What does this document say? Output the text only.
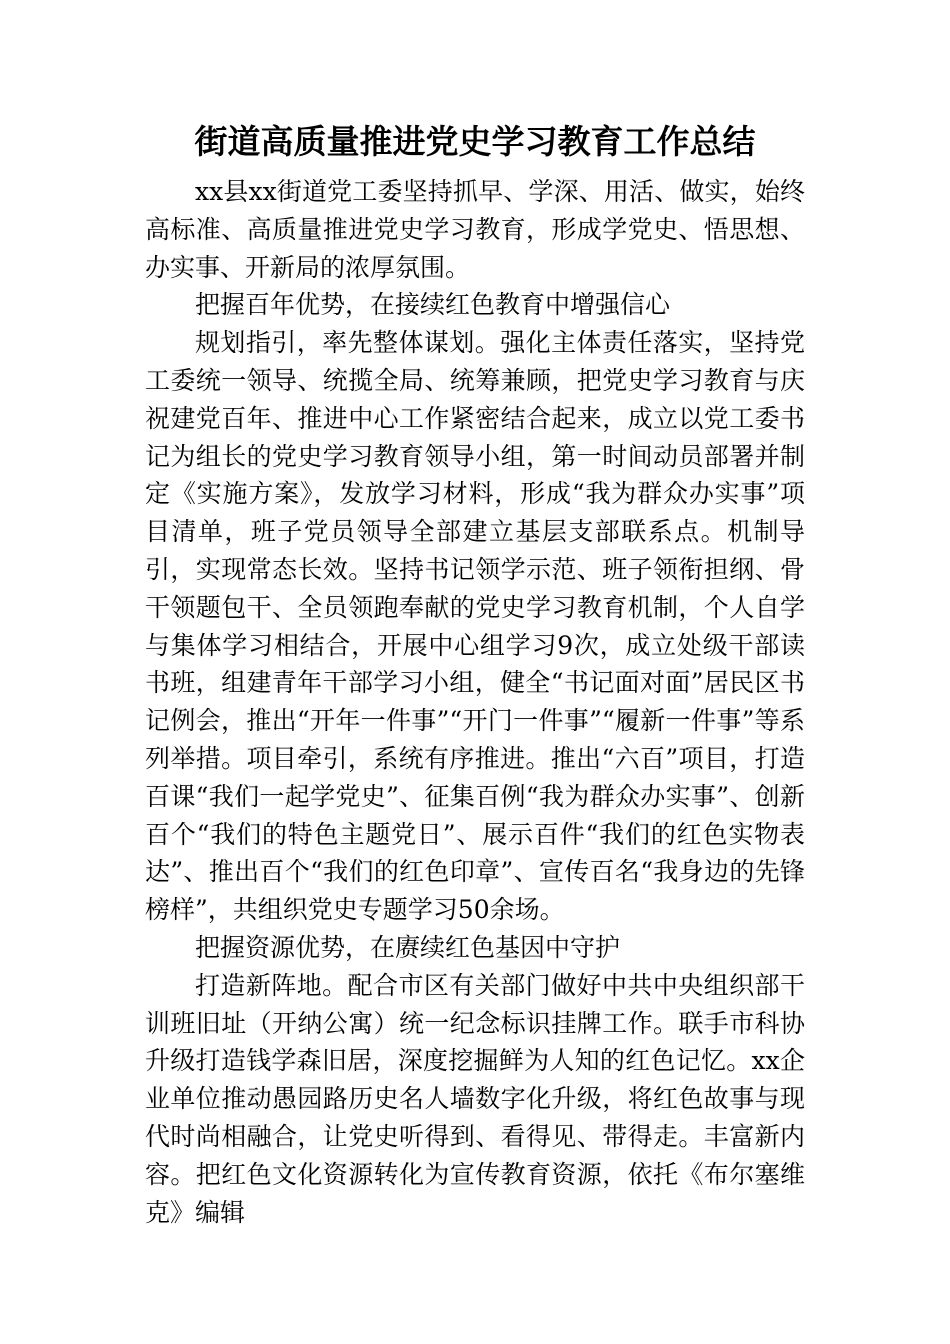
街道高质量推进党史学习教育工作总结

xx县xx街道党工委坚持抓早、学深、用活、做实，始终高标准、高质量推进党史学习教育，形成学党史、悟思想、办实事、开新局的浓厚氛围。

把握百年优势，在接续红色教育中增强信心

规划指引，率先整体谋划。强化主体责任落实，坚持党工委统一领导、统揽全局、统筹兼顾，把党史学习教育与庆祝建党百年、推进中心工作紧密结合起来，成立以党工委书记为组长的党史学习教育领导小组，第一时间动员部署并制定《实施方案》，发放学习材料，形成“我为群众办实事”项目清单，班子党员领导全部建立基层支部联系点。机制导引，实现常态长效。坚持书记领学示范、班子领衔担纲、骨干领题包干、全员领跑奉献的党史学习教育机制，个人自学与集体学习相结合，开展中心组学习9次，成立处级干部读书班，组建青年干部学习小组，健全“书记面对面”居民区书记例会，推出“开年一件事”“开门一件事”“履新一件事”等系列举措。项目牵引，系统有序推进。推出“六百”项目，打造百课“我们一起学党史”、征集百例“我为群众办实事”、创新百个“我们的特色主题党日”、展示百件“我们的红色实物表达”、推出百个“我们的红色印章”、宣传百名“我身边的先锋榜样”，共组织党史专题学习50余场。

把握资源优势，在赓续红色基因中守护

打造新阵地。配合市区有关部门做好中共中央组织部干训班旧址（开纳公寓）统一纪念标识挂牌工作。联手市科协升级打造钱学森旧居，深度挖掘鲜为人知的红色记忆。xx企业单位推动愚园路历史名人墙数字化升级，将红色故事与现代时尚相融合，让党史听得到、看得见、带得走。丰富新内容。把红色文化资源转化为宣传教育资源，依托《布尔塞维克》编辑
